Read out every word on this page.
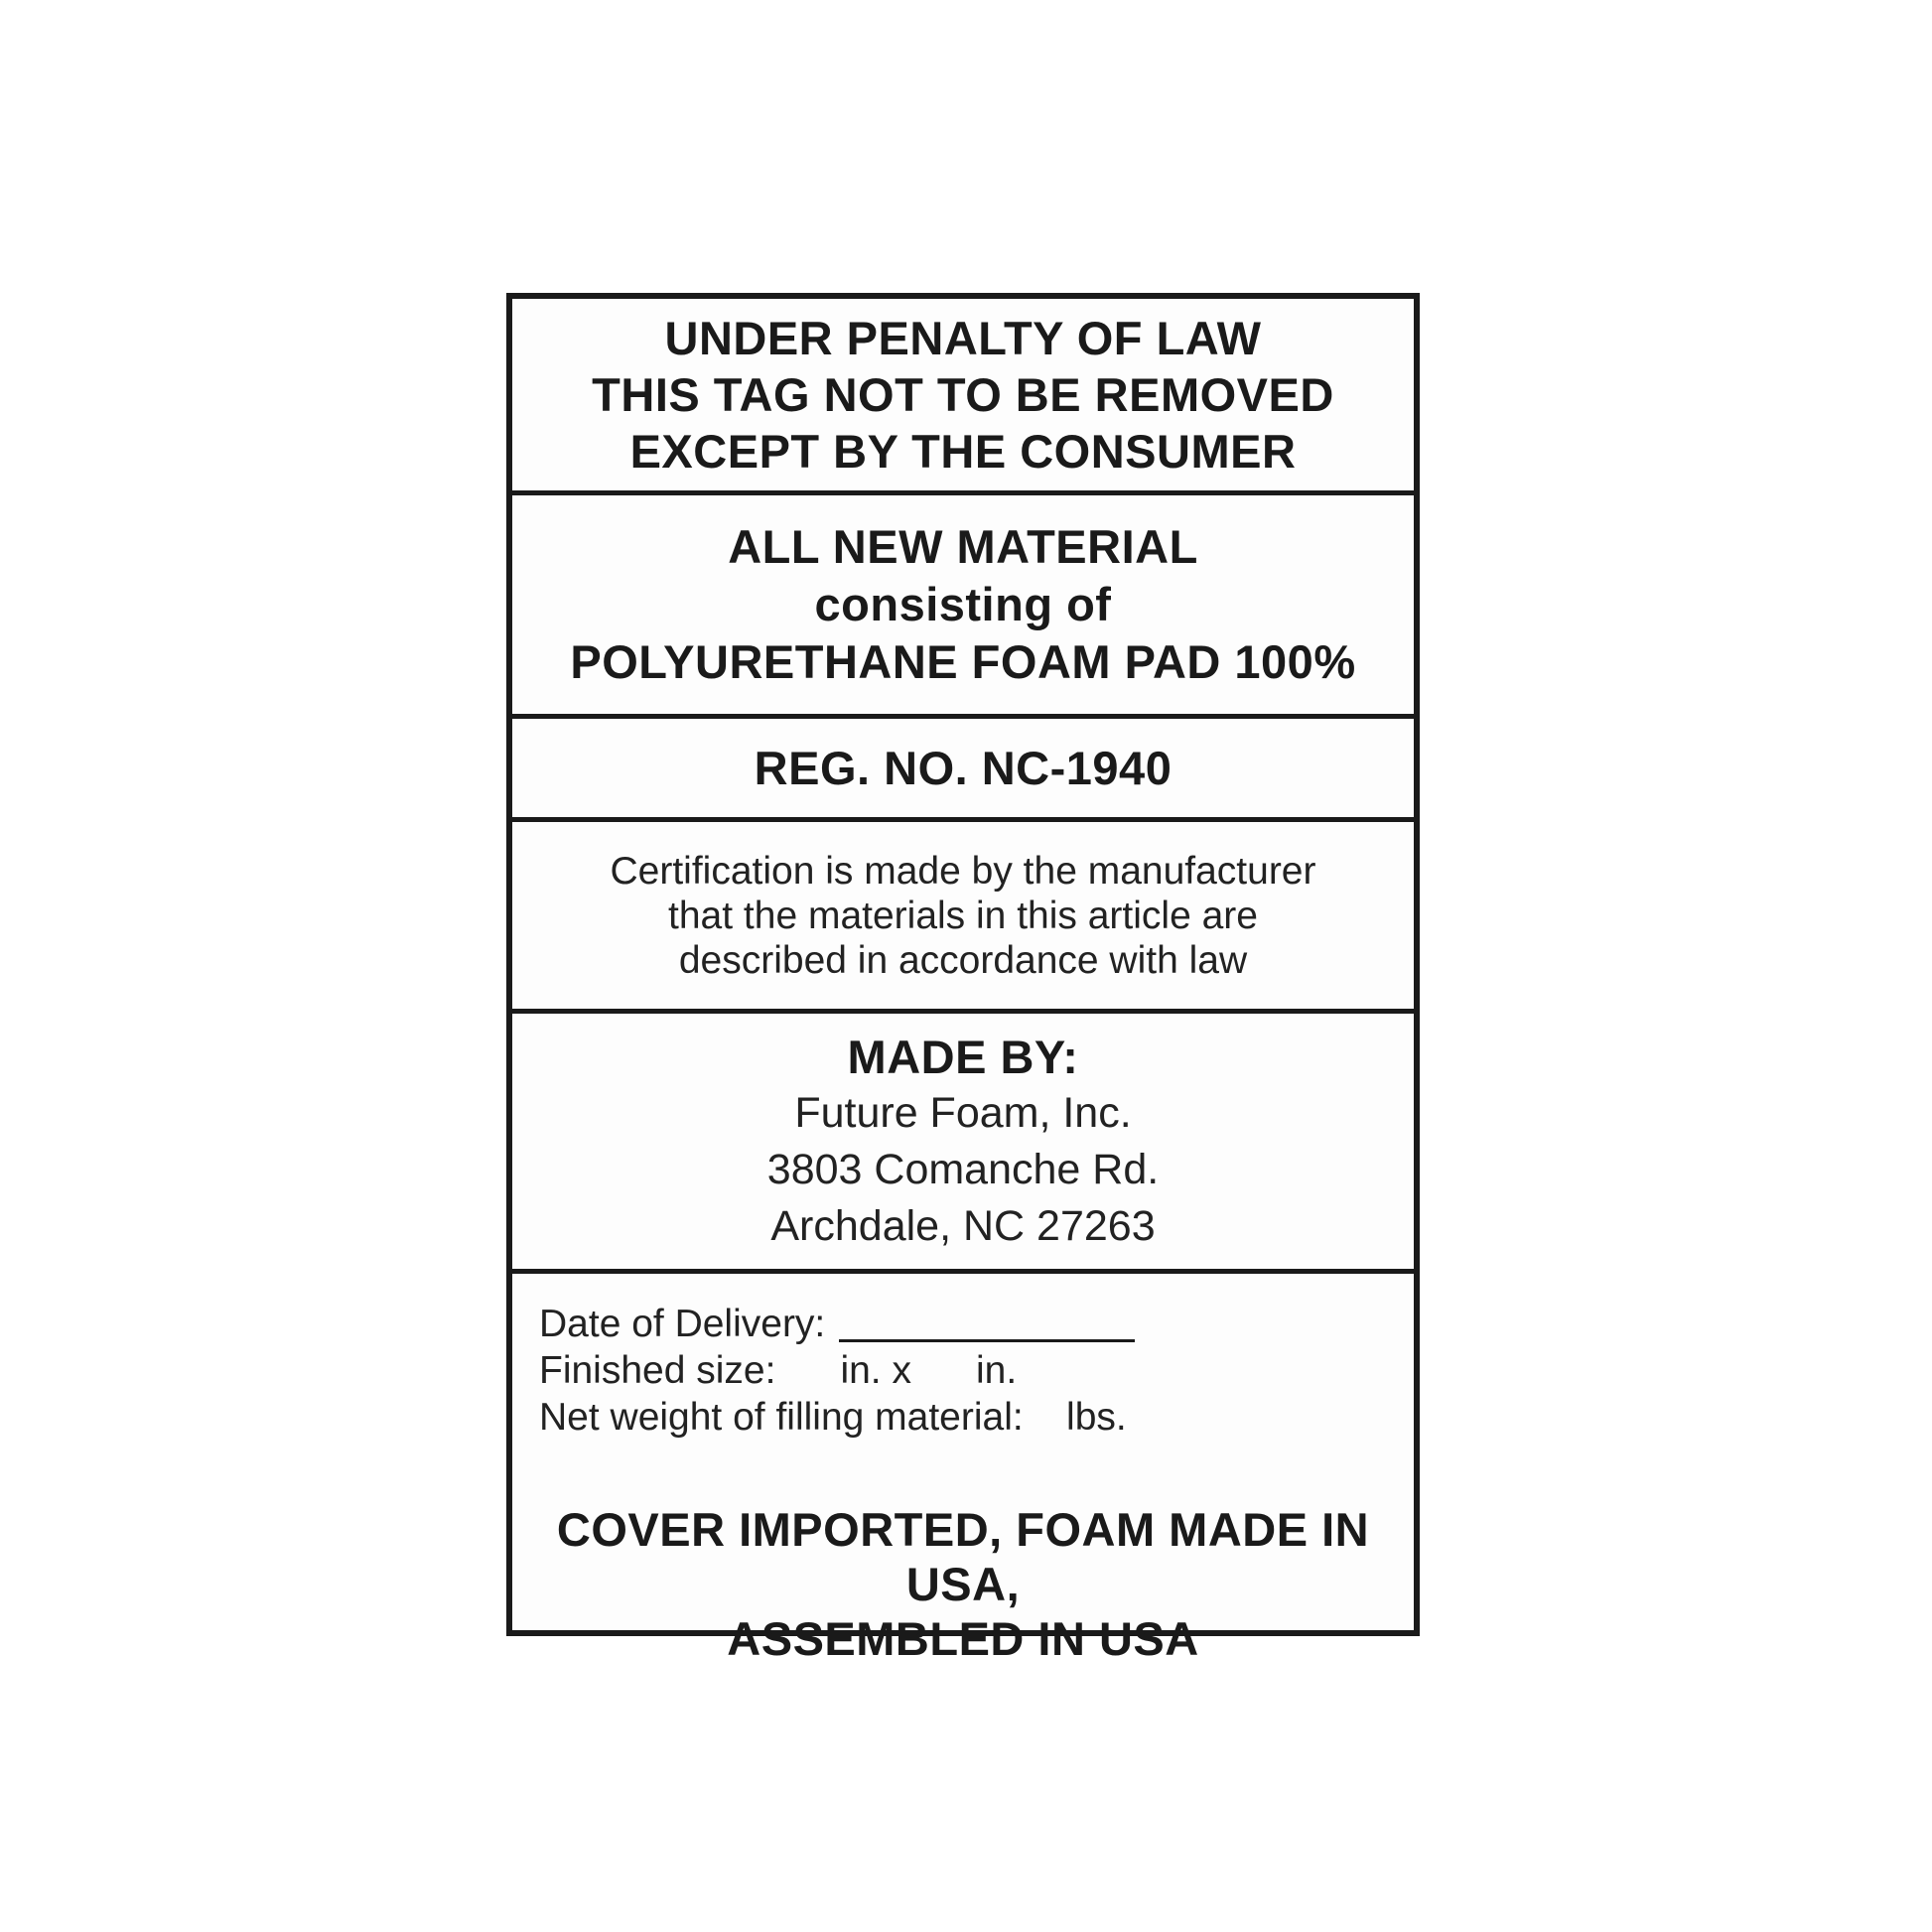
UNDER PENALTY OF LAW
THIS TAG NOT TO BE REMOVED
EXCEPT BY THE CONSUMER
ALL NEW MATERIAL
consisting of
POLYURETHANE FOAM PAD 100%
REG. NO. NC-1940
Certification is made by the manufacturer
that the materials in this article are
described in accordance with law
MADE BY:
Future Foam, Inc.
3803 Comanche Rd.
Archdale, NC 27263
Date of Delivery:
Finished size:      in. x      in.
Net weight of filling material:    lbs.
COVER IMPORTED, FOAM MADE IN USA,
ASSEMBLED IN USA
